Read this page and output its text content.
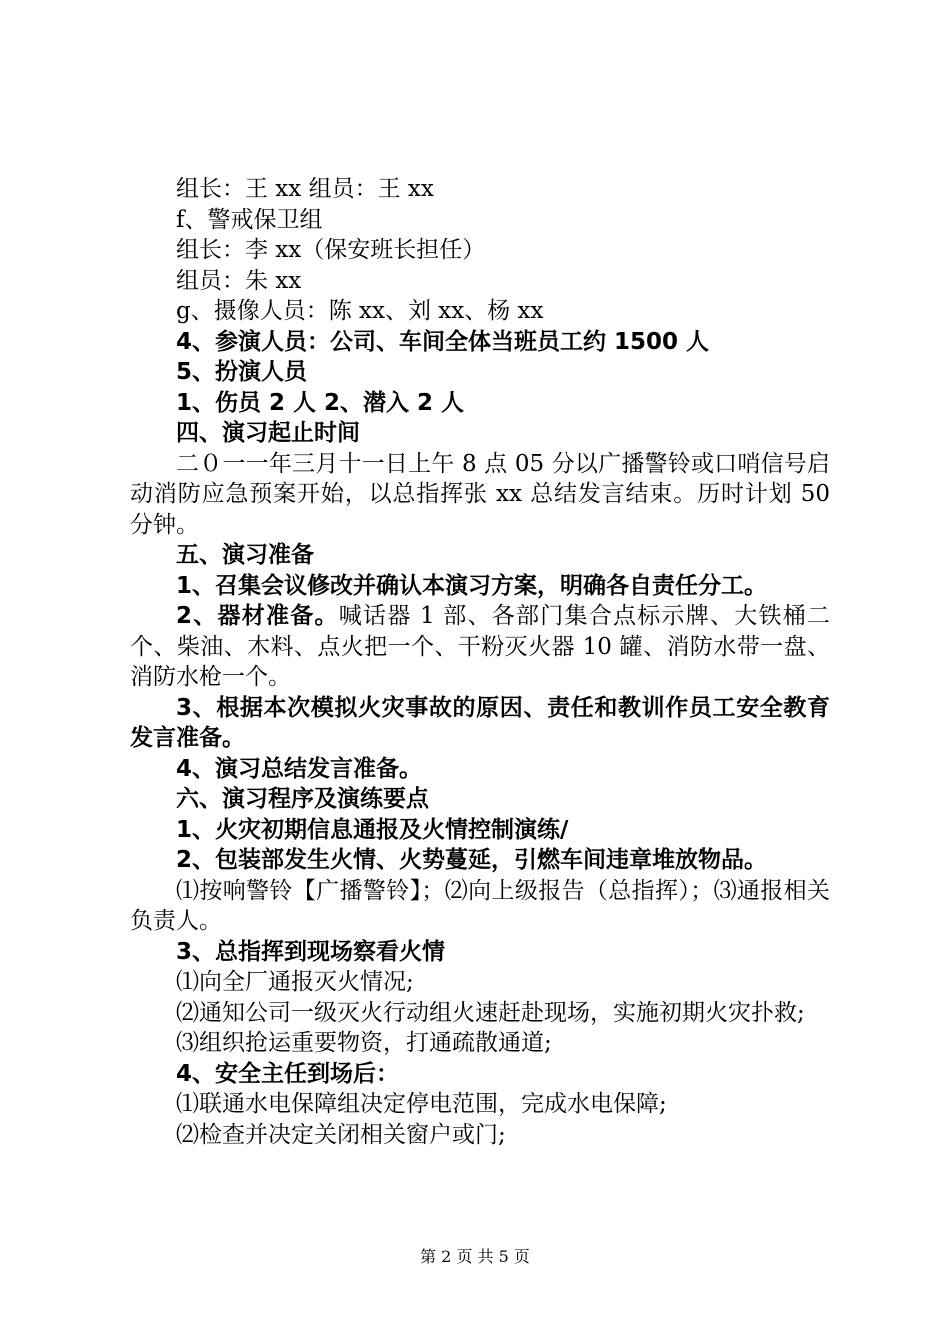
组长：王 xx 组员：王 xx

f、警戒保卫组

组长：李 xx（保安班长担任）

组员：朱 xx

g、摄像人员：陈 xx、刘 xx、杨 xx

4、参演人员：公司、车间全体当班员工约 1500 人

5、扮演人员

1、伤员 2 人 2、潜入 2 人

四、演习起止时间

二０一一年三月十一日上午 8 点 05 分以广播警铃或口哨信号启动消防应急预案开始，以总指挥张 xx 总结发言结束。历时计划 50 分钟。

五、演习准备

1、召集会议修改并确认本演习方案，明确各自责任分工。

2、器材准备。喊话器 1 部、各部门集合点标示牌、大铁桶二个、柴油、木料、点火把一个、干粉灭火器 10 罐、消防水带一盘、消防水枪一个。

3、根据本次模拟火灾事故的原因、责任和教训作员工安全教育发言准备。

4、演习总结发言准备。

六、演习程序及演练要点

1、火灾初期信息通报及火情控制演练/

2、包装部发生火情、火势蔓延，引燃车间违章堆放物品。

⑴按响警铃【广播警铃】；⑵向上级报告（总指挥）；⑶通报相关负责人。

3、总指挥到现场察看火情

⑴向全厂通报灭火情况;

⑵通知公司一级灭火行动组火速赶赴现场，实施初期火灾扑救;

⑶组织抢运重要物资，打通疏散通道;

4、安全主任到场后：

⑴联通水电保障组决定停电范围，完成水电保障;

⑵检查并决定关闭相关窗户或门;

第 2 页 共 5 页
